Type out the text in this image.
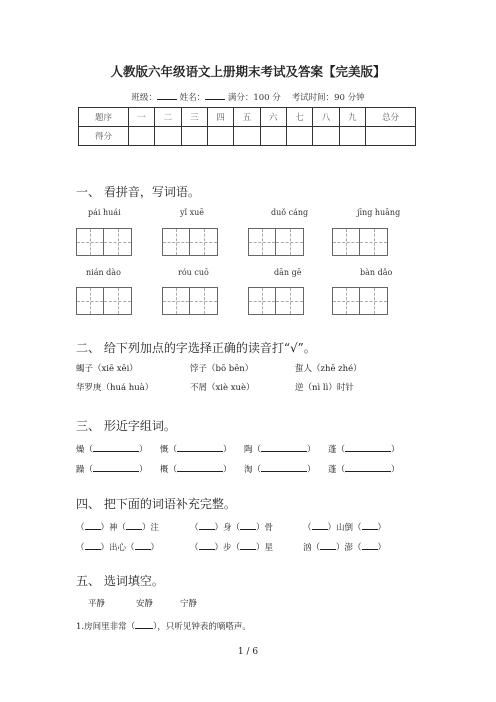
人教版六年级语文上册期末考试及答案【完美版】
班级：	姓名：	满分：100 分 考试时间：90 分钟
题序	一	二	三	四	五	六	七	八	九	总分
得分										
一、 看拼音，写词语。
pái huái	yǐ xuē	duǒ cáng	jīng huāng
nián dào	róu cuō	dān gē	bàn dǎo
二、 给下列加点的字选择正确的读音打“√”。
蝎子（xiē xēi）	饽子（bō bēn）	蜇人（zhē zhé）
华罗庚（huá huà）	不屑（xiè xuè）	逆（nì lì）时针
三、 形近字组词。
燥（	） 慨（	） 陶（	） 蓬（	）
躁（	） 概（	） 淘（	） 蓬（	）
四、 把下面的词语补充完整。
（ ）神（ ）注	（ ）身（ ）骨	（ ）山倒（ ）
（ ）出心（ ）	（ ）步（ ）星	汹（ ）澎（ ）
五、 选词填空。
平静	安静	宁静
1.房间里非常（ ），只听见钟表的嘀嗒声。
1 / 6
